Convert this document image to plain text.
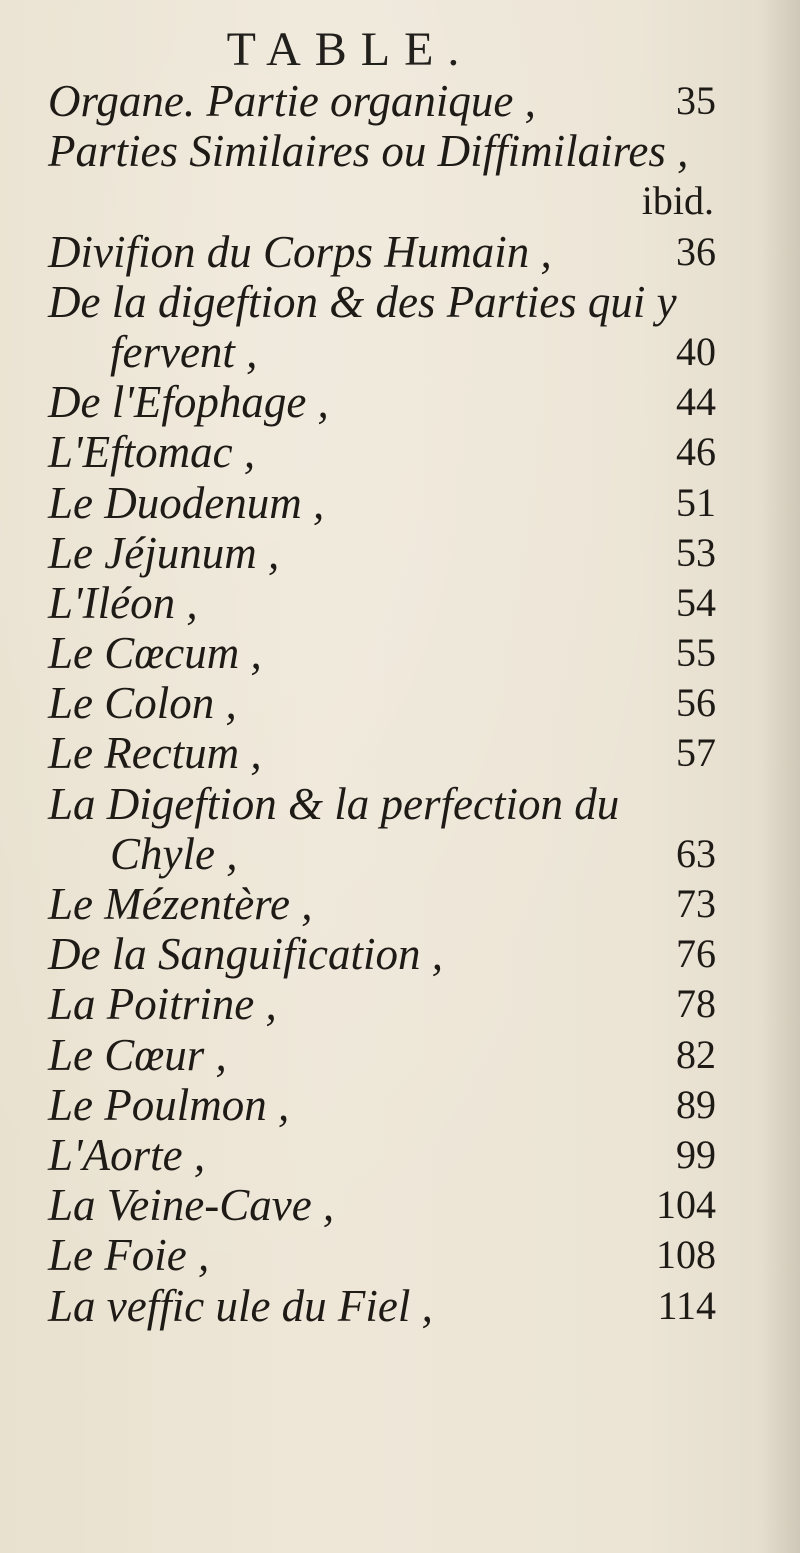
TABLE.
Organe. Partie organique ,	35
Parties Similaires ou Diffimilaires ,
ibid.
Divifion du Corps Humain ,	36
De la digeftion & des Parties qui y
fervent ,	40
De l'Efophage ,	44
L'Eftomac ,	46
Le Duodenum ,	51
Le Jéjunum ,	53
L'Iléon ,	54
Le Cœcum ,	55
Le Colon ,	56
Le Rectum ,	57
La Digeftion & la perfection du
Chyle ,	63
Le Mézentère ,	73
De la Sanguification ,	76
La Poitrine ,	78
Le Cœur ,	82
Le Poulmon ,	89
L'Aorte ,	99
La Veine-Cave ,	104
Le Foie ,	108
La veffic ule du Fiel ,	114
